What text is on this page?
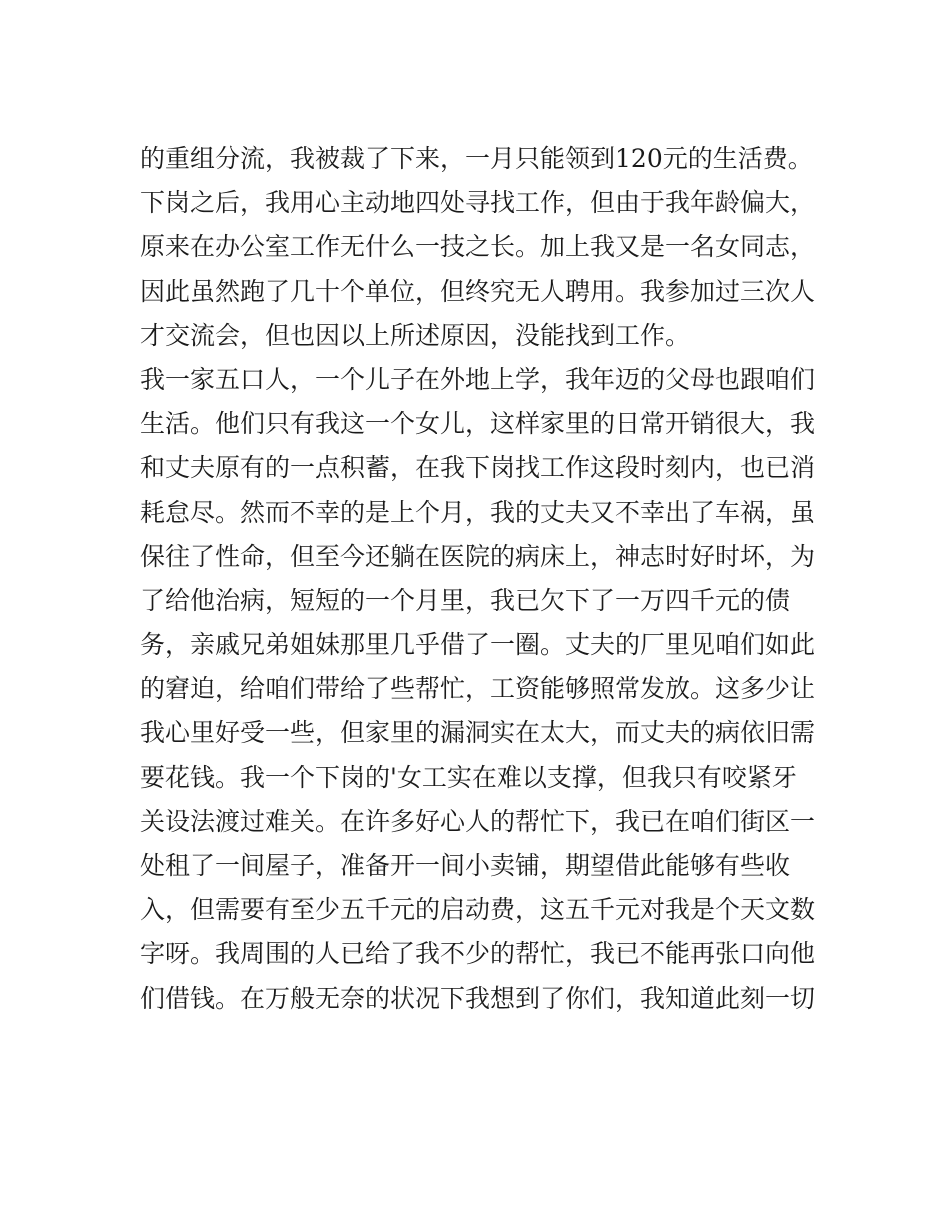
的重组分流，我被裁了下来，一月只能领到120元的生活费。
下岗之后，我用心主动地四处寻找工作，但由于我年龄偏大，
原来在办公室工作无什么一技之长。加上我又是一名女同志，
因此虽然跑了几十个单位，但终究无人聘用。我参加过三次人
才交流会，但也因以上所述原因，没能找到工作。
我一家五口人，一个儿子在外地上学，我年迈的父母也跟咱们
生活。他们只有我这一个女儿，这样家里的日常开销很大，我
和丈夫原有的一点积蓄，在我下岗找工作这段时刻内，也已消
耗怠尽。然而不幸的是上个月，我的丈夫又不幸出了车祸，虽
保往了性命，但至今还躺在医院的病床上，神志时好时坏，为
了给他治病，短短的一个月里，我已欠下了一万四千元的债
务，亲戚兄弟姐妹那里几乎借了一圈。丈夫的厂里见咱们如此
的窘迫，给咱们带给了些帮忙，工资能够照常发放。这多少让
我心里好受一些，但家里的漏洞实在太大，而丈夫的病依旧需
要花钱。我一个下岗的'女工实在难以支撑，但我只有咬紧牙
关设法渡过难关。在许多好心人的帮忙下，我已在咱们街区一
处租了一间屋子，准备开一间小卖铺，期望借此能够有些收
入，但需要有至少五千元的启动费，这五千元对我是个天文数
字呀。我周围的人已给了我不少的帮忙，我已不能再张口向他
们借钱。在万般无奈的状况下我想到了你们，我知道此刻一切
